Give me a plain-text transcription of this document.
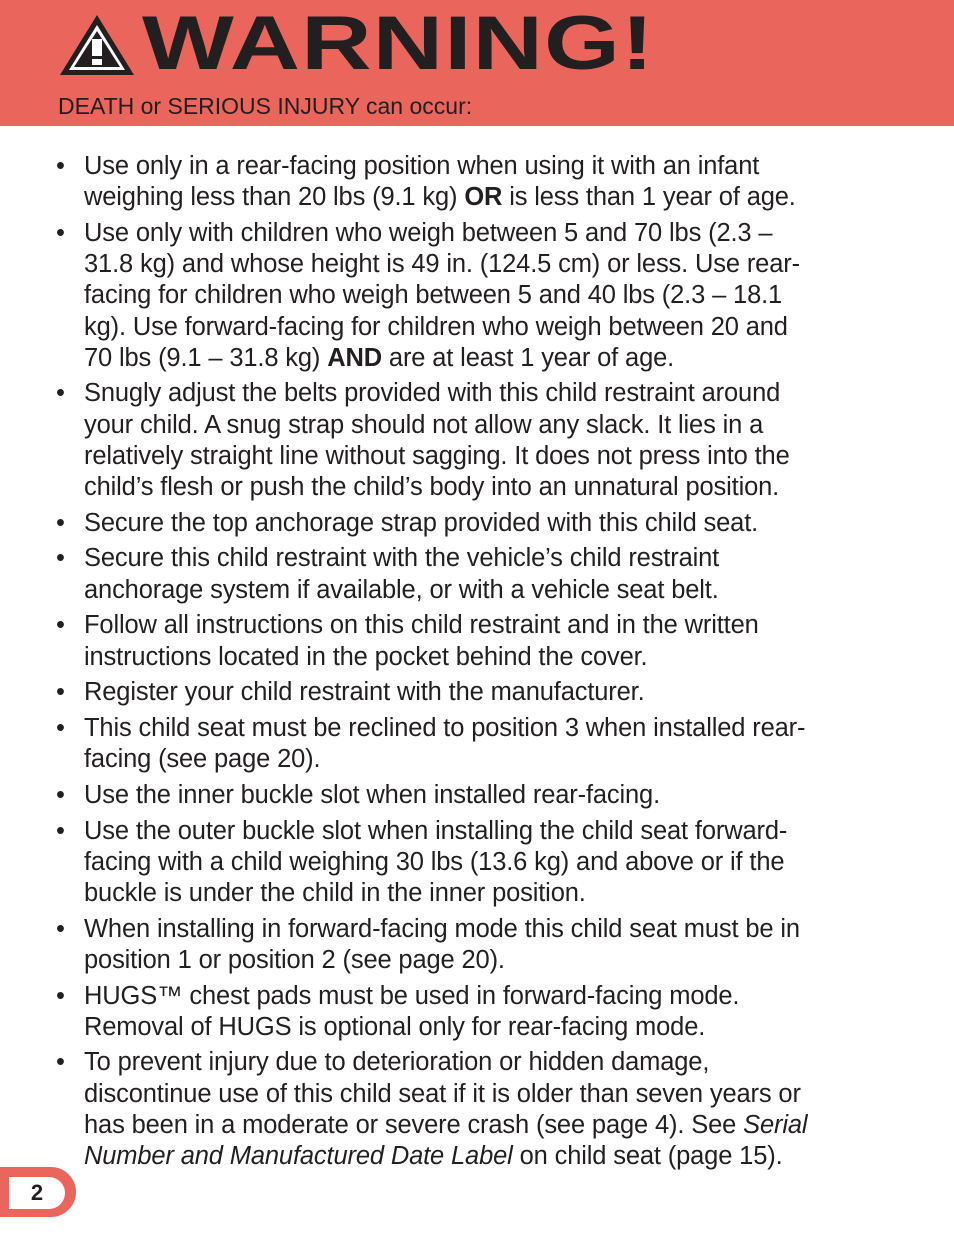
WARNING!
DEATH or SERIOUS INJURY can occur:
• Use only in a rear-facing position when using it with an infant
weighing less than 20 lbs (9.1 kg) OR is less than 1 year of age.
• Use only with children who weigh between 5 and 70 lbs (2.3 –
31.8 kg) and whose height is 49 in. (124.5 cm) or less. Use rear-
facing for children who weigh between 5 and 40 lbs (2.3 – 18.1
kg). Use forward-facing for children who weigh between 20 and
70 lbs (9.1 – 31.8 kg) AND are at least 1 year of age.
• Snugly adjust the belts provided with this child restraint around
your child. A snug strap should not allow any slack. It lies in a
relatively straight line without sagging. It does not press into the
child’s flesh or push the child’s body into an unnatural position.
• Secure the top anchorage strap provided with this child seat.
• Secure this child restraint with the vehicle’s child restraint
anchorage system if available, or with a vehicle seat belt.
• Follow all instructions on this child restraint and in the written
instructions located in the pocket behind the cover.
• Register your child restraint with the manufacturer.
• This child seat must be reclined to position 3 when installed rear-
facing (see page 20).
• Use the inner buckle slot when installed rear-facing.
• Use the outer buckle slot when installing the child seat forward-
facing with a child weighing 30 lbs (13.6 kg) and above or if the
buckle is under the child in the inner position.
• When installing in forward-facing mode this child seat must be in
position 1 or position 2 (see page 20).
• HUGS™ chest pads must be used in forward-facing mode.
Removal of HUGS is optional only for rear-facing mode.
• To prevent injury due to deterioration or hidden damage,
discontinue use of this child seat if it is older than seven years or
has been in a moderate or severe crash (see page 4). See Serial
Number and Manufactured Date Label on child seat (page 15).
2
